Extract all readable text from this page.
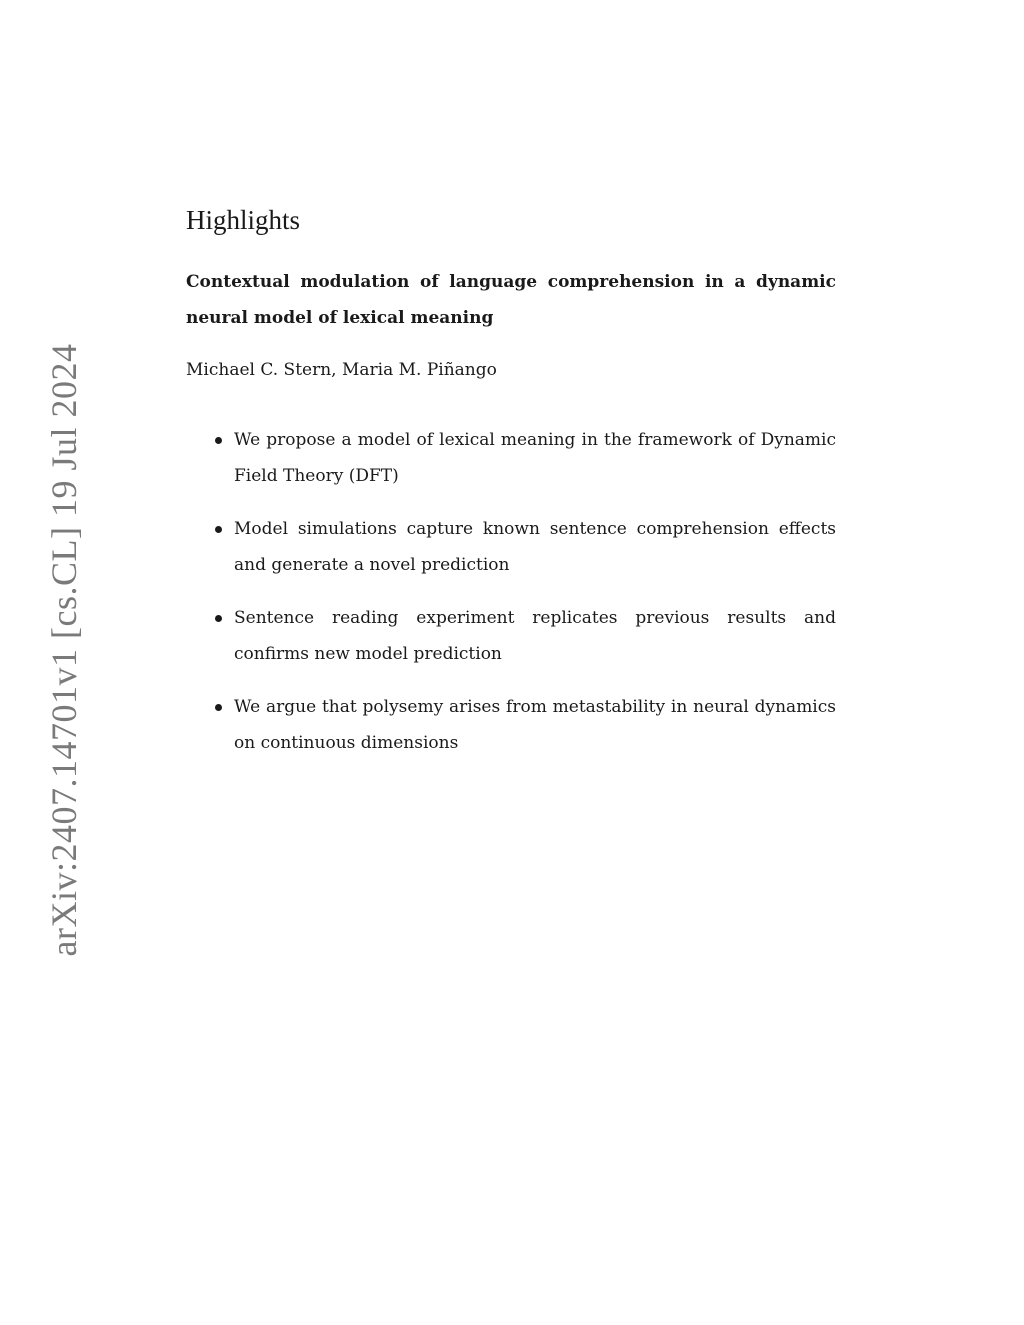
arXiv:2407.14701v1 [cs.CL] 19 Jul 2024
Highlights

Contextual modulation of language comprehension in a dynamic neural model of lexical meaning

Michael C. Stern, Maria M. Piñango

We propose a model of lexical meaning in the framework of Dynamic Field Theory (DFT)
Model simulations capture known sentence comprehension effects and generate a novel prediction
Sentence reading experiment replicates previous results and confirms new model prediction
We argue that polysemy arises from metastability in neural dynamics on continuous dimensions
